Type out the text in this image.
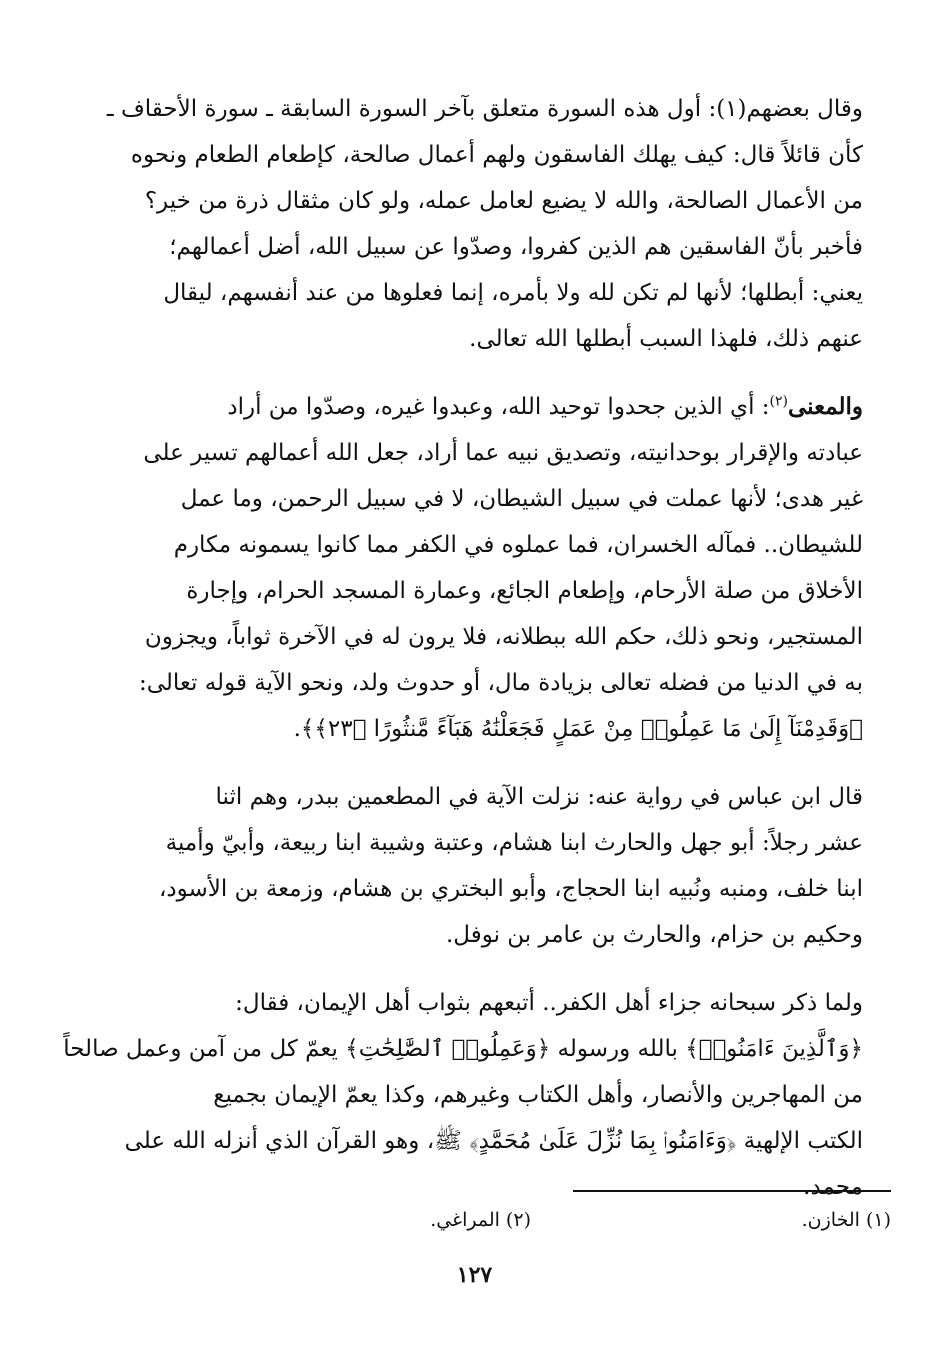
وقال بعضهم(١): أول هذه السورة متعلق بآخر السورة السابقة ـ سورة الأحقاف ـ
كأن قائلاً قال: كيف يهلك الفاسقون ولهم أعمال صالحة، كإطعام الطعام ونحوه
من الأعمال الصالحة، والله لا يضيع لعامل عمله، ولو كان مثقال ذرة من خير؟
فأخبر بأنّ الفاسقين هم الذين كفروا، وصدّوا عن سبيل الله، أضل أعمالهم؛
يعني: أبطلها؛ لأنها لم تكن لله ولا بأمره، إنما فعلوها من عند أنفسهم، ليقال
عنهم ذلك، فلهذا السبب أبطلها الله تعالى.

والمعنى$^{(٢)}$: أي الذين جحدوا توحيد الله، وعبدوا غيره، وصدّوا من أراد
عبادته والإقرار بوحدانيته، وتصديق نبيه عما أراد، جعل الله أعمالهم تسير على
غير هدى؛ لأنها عملت في سبيل الشيطان، لا في سبيل الرحمن، وما عمل
للشيطان.. فمآله الخسران، فما عملوه في الكفر مما كانوا يسمونه مكارم
الأخلاق من صلة الأرحام، وإطعام الجائع، وعمارة المسجد الحرام، وإجارة
المستجير، ونحو ذلك، حكم الله ببطلانه، فلا يرون له في الآخرة ثواباً، ويجزون
به في الدنيا من فضله تعالى بزيادة مال، أو حدوث ولد، ونحو الآية قوله تعالى:
﴿وَقَدِمْنَآ إِلَىٰ مَا عَمِلُوا۟ مِنْ عَمَلٍ فَجَعَلْنَٰهُ هَبَآءً مَّنثُورًا ﴿٢٣﴾﴾.

قال ابن عباس في رواية عنه: نزلت الآية في المطعمين ببدر، وهم اثنا
عشر رجلاً: أبو جهل والحارث ابنا هشام، وعتبة وشيبة ابنا ربيعة، وأبيّ وأمية
ابنا خلف، ومنبه ونُبيه ابنا الحجاج، وأبو البختري بن هشام، وزمعة بن الأسود،
وحكيم بن حزام، والحارث بن عامر بن نوفل.

ولما ذكر سبحانه جزاء أهل الكفر.. أتبعهم بثواب أهل الإيمان، فقال:
﴿وَٱلَّذِينَ ءَامَنُوا۟﴾ بالله ورسوله ﴿وَعَمِلُوا۟ ٱلصَّٰلِحَٰتِ﴾ يعمّ كل من آمن وعمل صالحاً
من المهاجرين والأنصار، وأهل الكتاب وغيرهم، وكذا يعمّ الإيمان بجميع
الكتب الإلهية ﴿وَءَامَنُوا۟ بِمَا نُزِّلَ عَلَىٰ مُحَمَّدٍ﴾ ﷺ، وهو القرآن الذي أنزله الله على
محمد.

(١) الخازن.
(٢) المراغي.
١٢٧
